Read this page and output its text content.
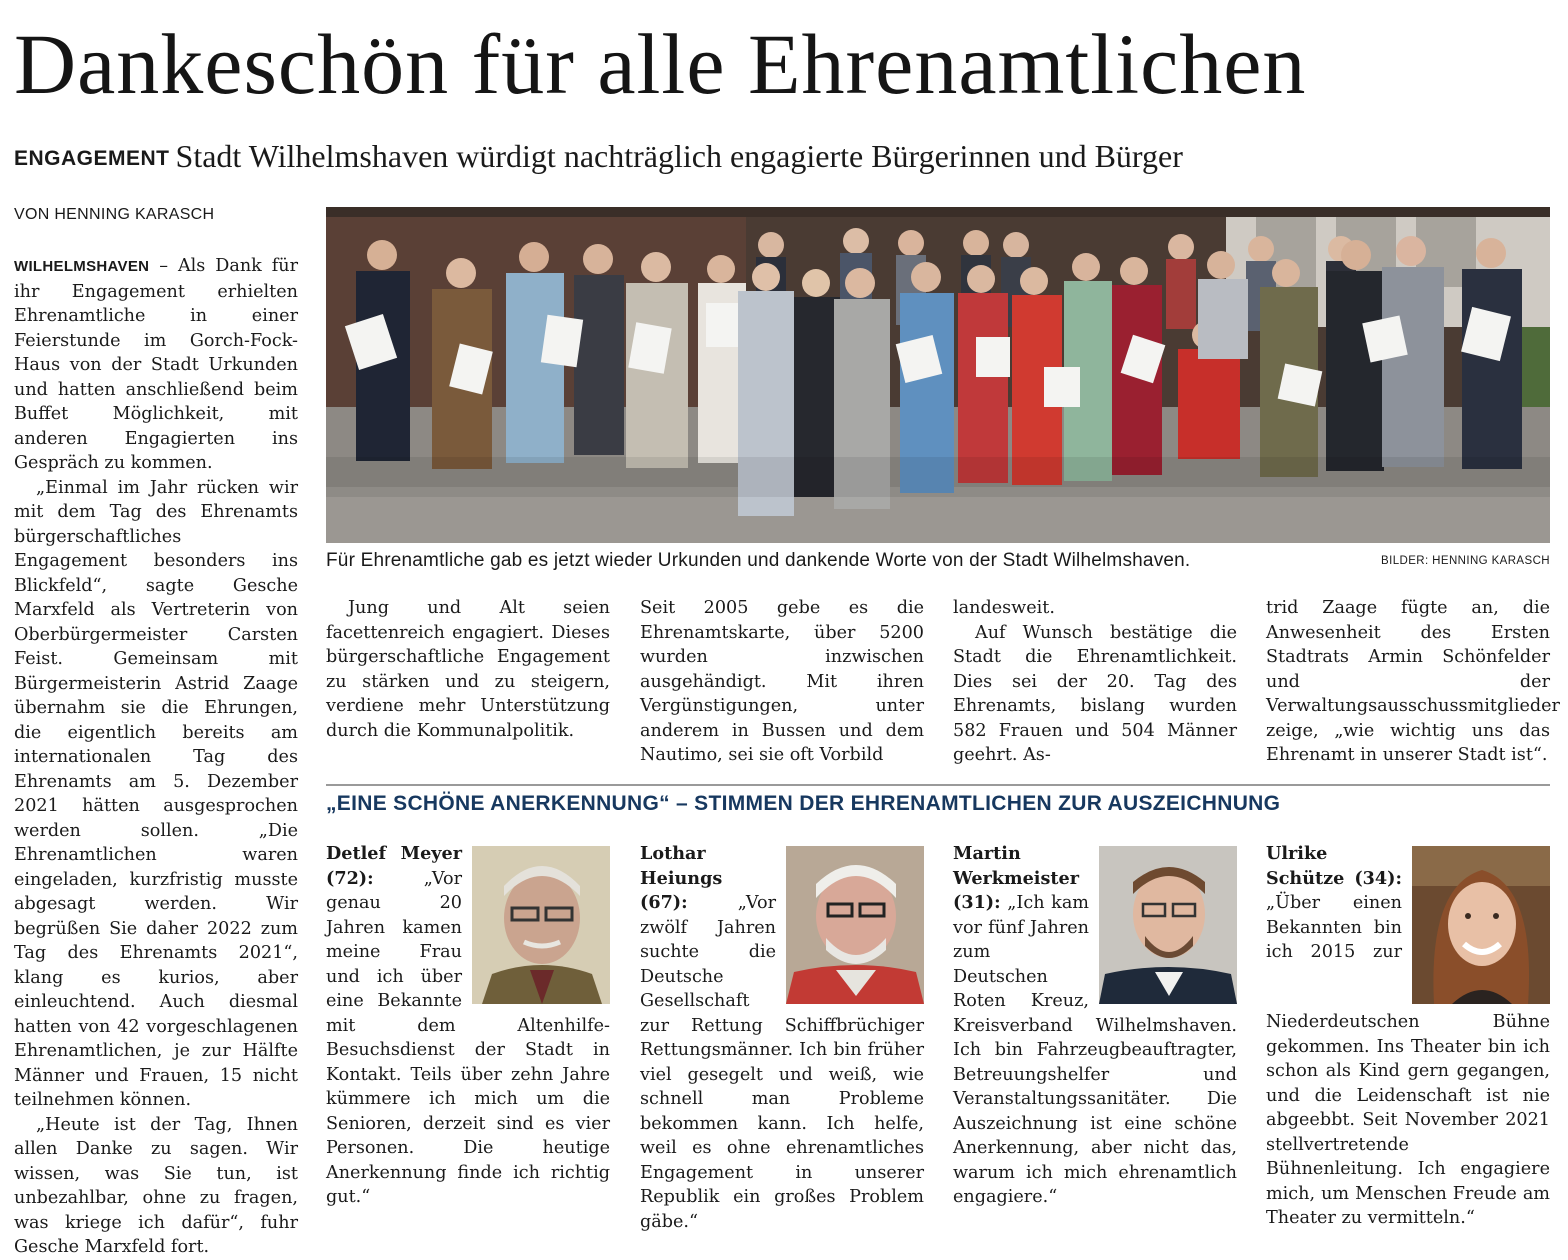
Dankeschön für alle Ehrenamtlichen
ENGAGEMENT Stadt Wilhelmshaven würdigt nachträglich engagierte Bürgerinnen und Bürger
VON HENNING KARASCH

WILHELMSHAVEN – Als Dank für ihr Engagement erhielten Ehrenamtliche in einer Feierstunde im Gorch-Fock-Haus von der Stadt Urkunden und hatten anschließend beim Buffet Möglichkeit, mit anderen Engagierten ins Gespräch zu kommen.

„Einmal im Jahr rücken wir mit dem Tag des Ehrenamts bürgerschaftliches Engagement besonders ins Blickfeld“, sagte Gesche Marxfeld als Vertreterin von Oberbürgermeister Carsten Feist. Gemeinsam mit Bürgermeisterin Astrid Zaage übernahm sie die Ehrungen, die eigentlich bereits am internationalen Tag des Ehrenamts am 5. Dezember 2021 hätten ausgesprochen werden sollen. „Die Ehrenamtlichen waren eingeladen, kurzfristig musste abgesagt werden. Wir begrüßen Sie daher 2022 zum Tag des Ehrenamts 2021“, klang es kurios, aber einleuchtend. Auch diesmal hatten von 42 vorgeschlagenen Ehrenamtlichen, je zur Hälfte Männer und Frauen, 15 nicht teilnehmen können.

„Heute ist der Tag, Ihnen allen Danke zu sagen. Wir wissen, was Sie tun, ist unbezahlbar, ohne zu fragen, was kriege ich dafür“, fuhr Gesche Marxfeld fort.

Für Ehrenamtliche gab es jetzt wieder Urkunden und dankende Worte von der Stadt Wilhelmshaven.	BILDER: HENNING KARASCH

Jung und Alt seien facettenreich engagiert. Dieses bürgerschaftliche Engagement zu stärken und zu steigern, verdiene mehr Unterstützung durch die Kommunalpolitik.

Seit 2005 gebe es die Ehrenamtskarte, über 5200 wurden inzwischen ausgehändigt. Mit ihren Vergünstigungen, unter anderem in Bussen und dem Nautimo, sei sie oft Vorbild

landesweit.

Auf Wunsch bestätige die Stadt die Ehrenamtlichkeit. Dies sei der 20. Tag des Ehrenamts, bislang wurden 582 Frauen und 504 Männer geehrt. As-

trid Zaage fügte an, die Anwesenheit des Ersten Stadtrats Armin Schönfelder und der Verwaltungsausschussmitglieder zeige, „wie wichtig uns das Ehrenamt in unserer Stadt ist“.

„EINE SCHÖNE ANERKENNUNG“ – STIMMEN DER EHRENAMTLICHEN ZUR AUSZEICHNUNG
Detlef Meyer (72):	„Vor genau 20 Jahren kamen meine Frau und ich über eine Bekannte mit dem Altenhilfe-Besuchsdienst der Stadt in Kontakt. Teils über zehn Jahre kümmere ich mich um die Senioren, derzeit sind es vier Personen. Die heutige Anerkennung finde ich richtig gut.“
Lothar Heiungs (67):	„Vor zwölf Jahren suchte die Deutsche Gesellschaft zur Rettung Schiffbrüchiger Rettungsmänner. Ich bin früher viel gesegelt und weiß, wie schnell man Probleme bekommen kann. Ich helfe, weil es ohne ehrenamtliches Engagement in unserer Republik ein großes Problem gäbe.“
Martin Werkmeister (31): „Ich kam vor fünf Jahren zum Deutschen Roten Kreuz, Kreisverband Wilhelmshaven. Ich bin Fahrzeugbeauftragter, Betreuungshelfer und Veranstaltungssanitäter. Die Auszeichnung ist eine schöne Anerkennung, aber nicht das, warum ich mich ehrenamtlich engagiere.“
Ulrike Schütze (34): „Über einen Bekannten bin ich 2015 zur Niederdeutschen Bühne gekommen. Ins Theater bin ich schon als Kind gern gegangen, und die Leidenschaft ist nie abgeebbt. Seit November 2021 stellvertretende Bühnenleitung. Ich engagiere mich, um Menschen Freude am Theater zu vermitteln.“
